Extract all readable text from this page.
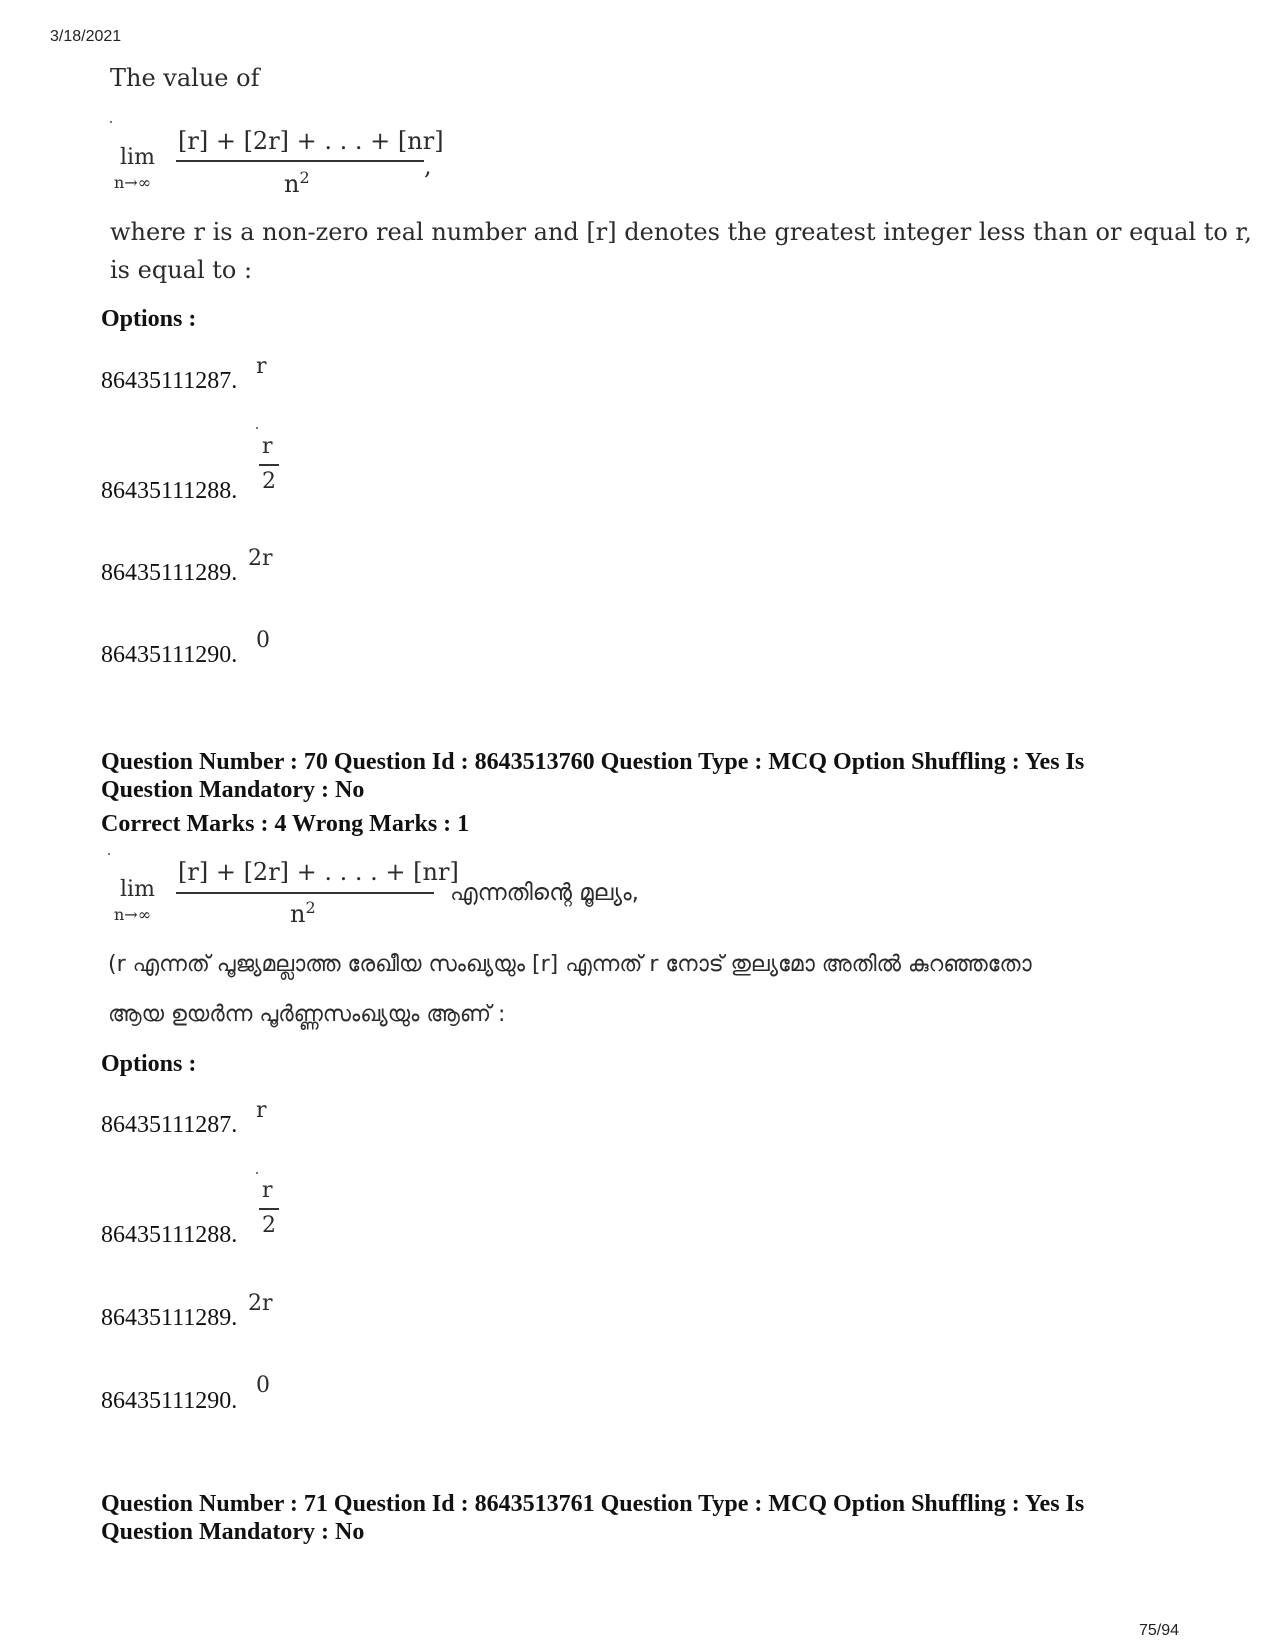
3/18/2021
75/94
The value of
lim
n→∞
[r] + [2r] + . . . + [nr]
$n^2$	,
where r is a non-zero real number and [r] denotes the greatest integer less than or equal to r,
is equal to :
Options :
86435111287.
r
86435111288.
r
2
86435111289.
2r
86435111290.
0
Question Number : 70 Question Id : 8643513760 Question Type : MCQ Option Shuffling : Yes Is
Question Mandatory : No
Correct Marks : 4 Wrong Marks : 1
lim
n→∞
[r] + [2r] + . . . . + [nr]
$n^2$
എന്നതിന്റെ മൂല്യം,
(r എന്നത് പൂജ്യമല്ലാത്ത രേഖീയ സംഖ്യയും [r] എന്നത് r നോട് തുല്യമോ അതിൽ കുറഞ്ഞതോ
ആയ ഉയർന്ന പൂർണ്ണസംഖ്യയും ആണ് :
Options :
86435111287.
r
86435111288.
r
2
86435111289.
2r
86435111290.
0
Question Number : 71 Question Id : 8643513761 Question Type : MCQ Option Shuffling : Yes Is
Question Mandatory : No
